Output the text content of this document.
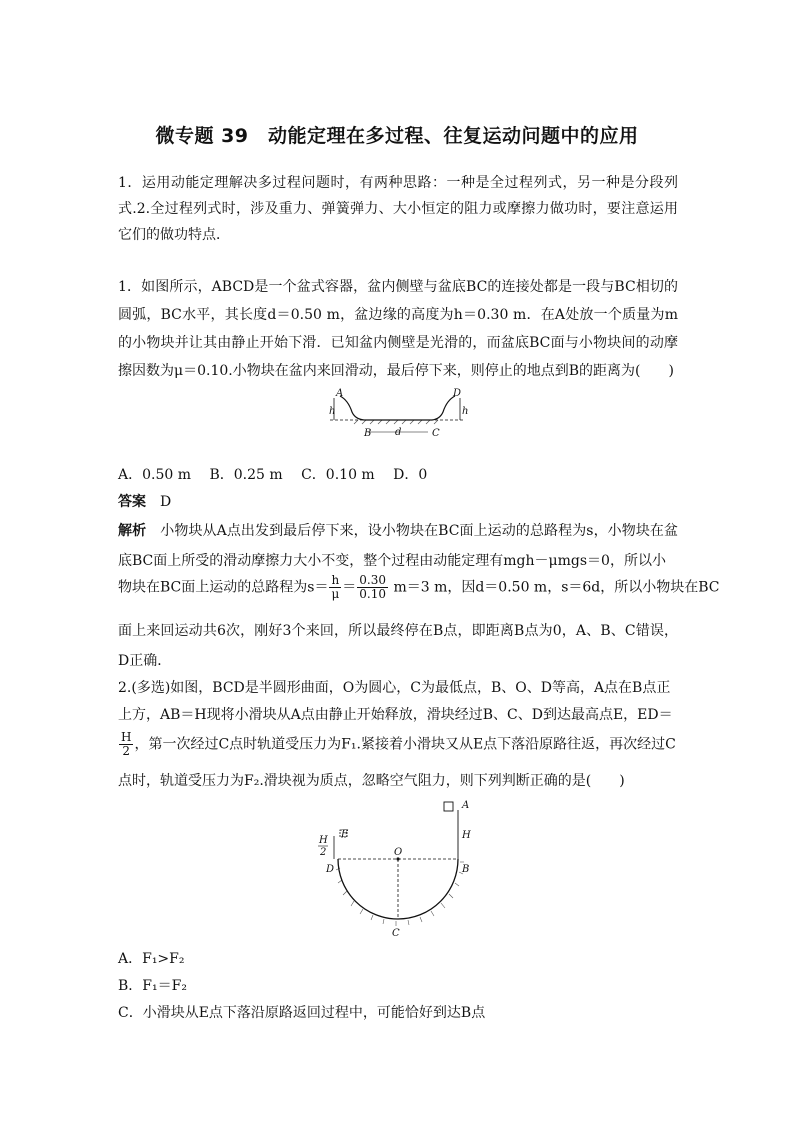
微专题 39　动能定理在多过程、往复运动问题中的应用
1．运用动能定理解决多过程问题时，有两种思路：一种是全过程列式，另一种是分段列式.2.全过程列式时，涉及重力、弹簧弹力、大小恒定的阻力或摩擦力做功时，要注意运用它们的做功特点．
1．如图所示，ABCD是一个盆式容器，盆内侧壁与盆底BC的连接处都是一段与BC相切的圆弧，BC水平，其长度d＝0.50 m，盆边缘的高度为h＝0.30 m．在A处放一个质量为m的小物块并让其由静止开始下滑．已知盆内侧壁是光滑的，而盆底BC面与小物块间的动摩擦因数为μ＝0.10.小物块在盆内来回滑动，最后停下来，则停止的地点到B的距离为(　　)
A	D
h	h
B	C
d
A．0.50 m　 B．0.25 m　 C．0.10 m　 D．0
答案　 D
解析　 小物块从A点出发到最后停下来，设小物块在BC面上运动的总路程为s，小物块在盆底BC面上所受的滑动摩擦力大小不变，整个过程由动能定理有mgh－μmgs＝0，所以小
物块在BC面上运动的总路程为$s= \frac{h}{\mu} = \frac{0.30}{0.10} m=3$ m，因d＝0.50 m，s＝6d，所以小物块在BC
面上来回运动共6次，刚好3个来回，所以最终停在B点，即距离B点为0，A、B、C错误，D正确．
2.(多选)如图，BCD是半圆形曲面，O为圆心，C为最低点，B、O、D等高，A点在B点正
上方，AB＝H现将小滑块从A点由静止开始释放，滑块经过B、C、D到达最高点E，ED＝
$\frac{H}{2}$ ，第一次经过C点时轨道受压力为F₁.紧接着小滑块又从E点下落沿原路往返，再次经过C
点时，轨道受压力为F₂.滑块视为质点，忽略空气阻力，则下列判断正确的是(　　)
A
H
E
H
2	O
D	B
C
A．F₁>F₂
B．F₁＝F₂
C．小滑块从E点下落沿原路返回过程中，可能恰好到达B点
